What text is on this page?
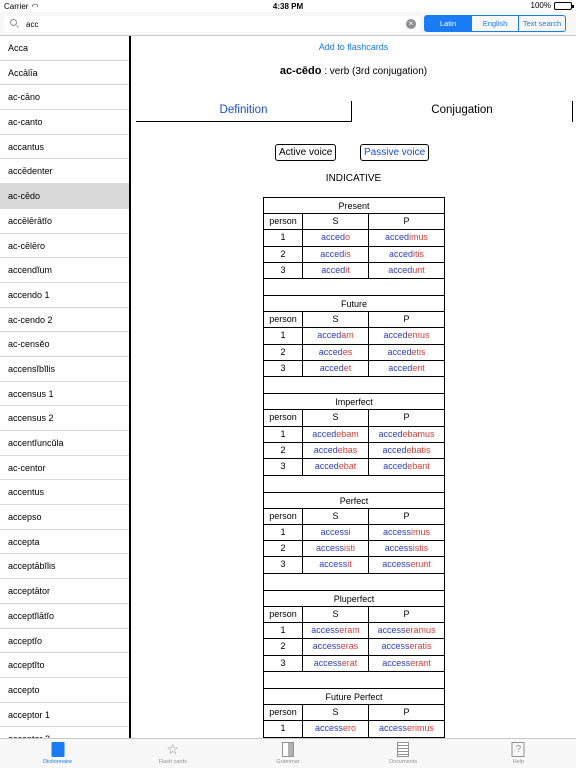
Carrier ◠	4:38 PM	100%
acc
×	Latin	English	Text search
Acca
Accālīa
ac-cāno
ac-canto
accantus
accēdenter
ac-cēdo
accēlērātĭo
ac-cēlēro
accendĭum
accendo 1
ac-cendo 2
ac-censĕo
accensĭbĭlis
accensus 1
accensus 2
accentĭuncŭla
ac-centor
accentus
accepso
accepta
acceptābĭlis
acceptātor
acceptĭlātĭo
acceptĭo
acceptĭto
accepto
acceptor 1
Add to flashcards
ac-cēdo : verb (3rd conjugation)
Definition	Conjugation
Active voice	Passive voice
INDICATIVE
Present
person	S	P
1	accedo	accedimus
2	accedis	acceditis
3	accedit	accedunt
Future
person	S	P
1	accedam	accedemus
2	accedes	accedetis
3	accedet	accedent
Imperfect
person	S	P
1	accedebam	accedebamus
2	accedebas	accedebatis
3	accedebat	accedebant
Perfect
person	S	P
1	accessi	accessimus
2	accessisti	accessistis
3	accessit	accesserunt
Pluperfect
person	S	P
1	accesseram	accesseramus
2	accesseras	accesseratis
3	accesserat	accesserant
Future Perfect
person	S	P
1	accessero	accesserimus
Dictionnaire
☆
Flash cards	Grammar	Documents
?
Help
